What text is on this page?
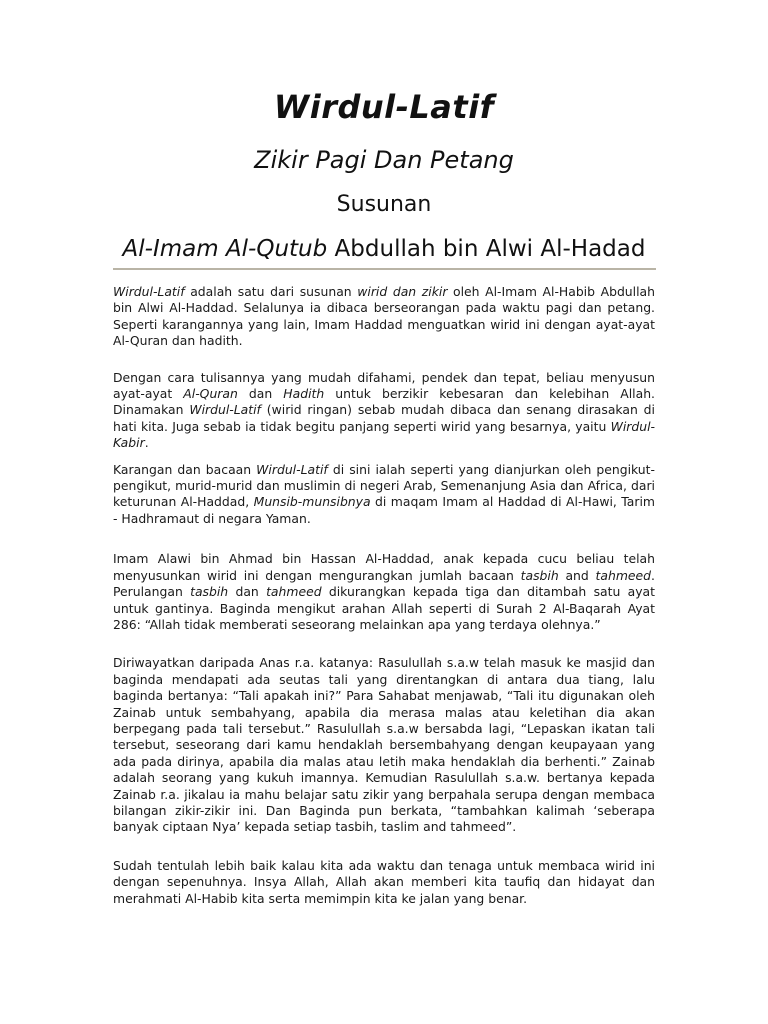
Wirdul-Latif
Zikir Pagi Dan Petang
Susunan
Al-Imam Al-Qutub Abdullah bin Alwi Al-Hadad

Wirdul-Latif adalah satu dari susunan wirid dan zikir oleh Al-Imam Al-Habib Abdullah bin Alwi Al-Haddad. Selalunya ia dibaca berseorangan pada waktu pagi dan petang. Seperti karangannya yang lain, Imam Haddad menguatkan wirid ini dengan ayat-ayat Al-Quran dan hadith.

Dengan cara tulisannya yang mudah difahami, pendek dan tepat, beliau menyusun ayat-ayat Al-Quran dan Hadith untuk berzikir kebesaran dan kelebihan Allah. Dinamakan Wirdul-Latif (wirid ringan) sebab mudah dibaca dan senang dirasakan di hati kita. Juga sebab ia tidak begitu panjang seperti wirid yang besarnya, yaitu Wirdul-Kabir.

Karangan dan bacaan Wirdul-Latif di sini ialah seperti yang dianjurkan oleh pengikut-pengikut, murid-murid dan muslimin di negeri Arab, Semenanjung Asia dan Africa, dari keturunan Al-Haddad, Munsib-munsibnya di maqam Imam al Haddad di Al-Hawi, Tarim - Hadhramaut di negara Yaman.

Imam Alawi bin Ahmad bin Hassan Al-Haddad, anak kepada cucu beliau telah menyusunkan wirid ini dengan mengurangkan jumlah bacaan tasbih and tahmeed. Perulangan tasbih dan tahmeed dikurangkan kepada tiga dan ditambah satu ayat untuk gantinya. Baginda mengikut arahan Allah seperti di Surah 2 Al-Baqarah Ayat 286: “Allah tidak memberati seseorang melainkan apa yang terdaya olehnya.”

Diriwayatkan daripada Anas r.a. katanya: Rasulullah s.a.w telah masuk ke masjid dan baginda mendapati ada seutas tali yang direntangkan di antara dua tiang, lalu baginda bertanya: “Tali apakah ini?” Para Sahabat menjawab, “Tali itu digunakan oleh Zainab untuk sembahyang, apabila dia merasa malas atau keletihan dia akan berpegang pada tali tersebut.” Rasulullah s.a.w bersabda lagi, “Lepaskan ikatan tali tersebut, seseorang dari kamu hendaklah bersembahyang dengan keupayaan yang ada pada dirinya, apabila dia malas atau letih maka hendaklah dia berhenti.” Zainab adalah seorang yang kukuh imannya. Kemudian Rasulullah s.a.w. bertanya kepada Zainab r.a. jikalau ia mahu belajar satu zikir yang berpahala serupa dengan membaca bilangan zikir-zikir ini. Dan Baginda pun berkata, “tambahkan kalimah ‘seberapa banyak ciptaan Nya’ kepada setiap tasbih, taslim and tahmeed”.

Sudah tentulah lebih baik kalau kita ada waktu dan tenaga untuk membaca wirid ini dengan sepenuhnya. Insya Allah, Allah akan memberi kita taufiq dan hidayat dan merahmati Al-Habib kita serta memimpin kita ke jalan yang benar.
